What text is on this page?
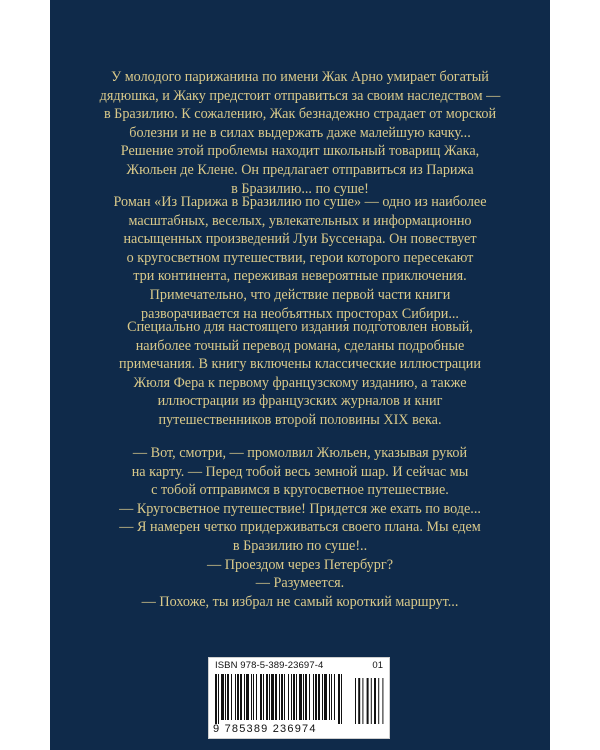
У молодого парижанина по имени Жак Арно умирает богатый
дядюшка, и Жаку предстоит отправиться за своим наследством —
в Бразилию. К сожалению, Жак безнадежно страдает от морской
болезни и не в силах выдержать даже малейшую качку...
Решение этой проблемы находит школьный товарищ Жака,
Жюльен де Клене. Он предлагает отправиться из Парижа
в Бразилию... по суше!

Роман «Из Парижа в Бразилию по суше» — одно из наиболее
масштабных, веселых, увлекательных и информационно
насыщенных произведений Луи Буссенара. Он повествует
о кругосветном путешествии, герои которого пересекают
три континента, переживая невероятные приключения.
Примечательно, что действие первой части книги
разворачивается на необъятных просторах Сибири...

Специально для настоящего издания подготовлен новый,
наиболее точный перевод романа, сделаны подробные
примечания. В книгу включены классические иллюстрации
Жюля Фера к первому французскому изданию, а также
иллюстрации из французских журналов и книг
путешественников второй половины XIX века.

— Вот, смотри, — промолвил Жюльен, указывая рукой
на карту. — Перед тобой весь земной шар. И сейчас мы
с тобой отправимся в кругосветное путешествие.
— Кругосветное путешествие! Придется же ехать по воде...
— Я намерен четко придерживаться своего плана. Мы едем
в Бразилию по суше!..
— Проездом через Петербург?
— Разумеется.
— Похоже, ты избрал не самый короткий маршрут...

ISBN 978-5-389-23697-4	01
9 785389 236974
